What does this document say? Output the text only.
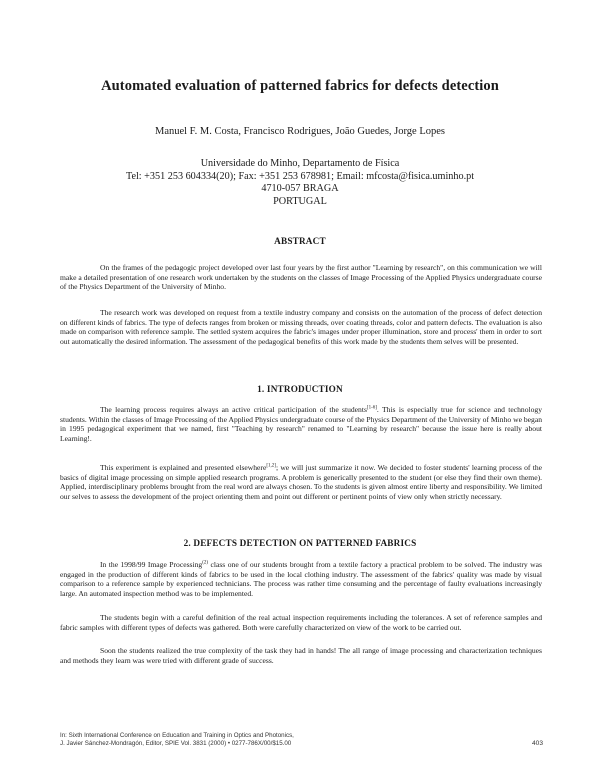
Automated evaluation of patterned fabrics for defects detection
Manuel F. M. Costa, Francisco Rodrigues, João Guedes, Jorge Lopes
Universidade do Minho, Departamento de Física
Tel: +351 253 604334(20); Fax: +351 253 678981; Email: mfcosta@fisica.uminho.pt
4710-057 BRAGA
PORTUGAL
ABSTRACT
On the frames of the pedagogic project developed over last four years by the first author "Learning by research", on this communication we will make a detailed presentation of one research work undertaken by the students on the classes of Image Processing of the Applied Physics undergraduate course of the Physics Department of the University of Minho.
The research work was developed on request from a textile industry company and consists on the automation of the process of defect detection on different kinds of fabrics. The type of defects ranges from broken or missing threads, over coating threads, color and pattern defects. The evaluation is also made on comparison with reference sample. The settled system acquires the fabric's images under proper illumination, store and process' them in order to sort out automatically the desired information. The assessment of the pedagogical benefits of this work made by the students them selves will be presented.
1. INTRODUCTION
The learning process requires always an active critical participation of the students[1-6]. This is especially true for science and technology students. Within the classes of Image Processing of the Applied Physics undergraduate course of the Physics Department of the University of Minho we began in 1995 pedagogical experiment that we named, first "Teaching by research" renamed to "Learning by research" because the issue here is really about Learning!.
This experiment is explained and presented elsewhere[1,2]; we will just summarize it now. We decided to foster students' learning process of the basics of digital image processing on simple applied research programs. A problem is generically presented to the student (or else they find their own theme). Applied, interdisciplinary problems brought from the real word are always chosen. To the students is given almost entire liberty and responsibility. We limited our selves to assess the development of the project orienting them and point out different or pertinent points of view only when strictly necessary.
2. DEFECTS DETECTION ON PATTERNED FABRICS
In the 1998/99 Image Processing$^{(2)}$ class one of our students brought from a textile factory a practical problem to be solved. The industry was engaged in the production of different kinds of fabrics to be used in the local clothing industry. The assessment of the fabrics' quality was made by visual comparison to a reference sample by experienced technicians. The process was rather time consuming and the percentage of faulty evaluations increasingly large. An automated inspection method was to be implemented.
The students begin with a careful definition of the real actual inspection requirements including the tolerances. A set of reference samples and fabric samples with different types of defects was gathered. Both were carefully characterized on view of the work to be carried out.
Soon the students realized the true complexity of the task they had in hands! The all range of image processing and characterization techniques and methods they learn was were tried with different grade of success.
In: Sixth International Conference on Education and Training in Optics and Photonics,
J. Javier Sánchez-Mondragón, Editor, SPIE Vol. 3831 (2000) • 0277-786X/00/$15.00	403
